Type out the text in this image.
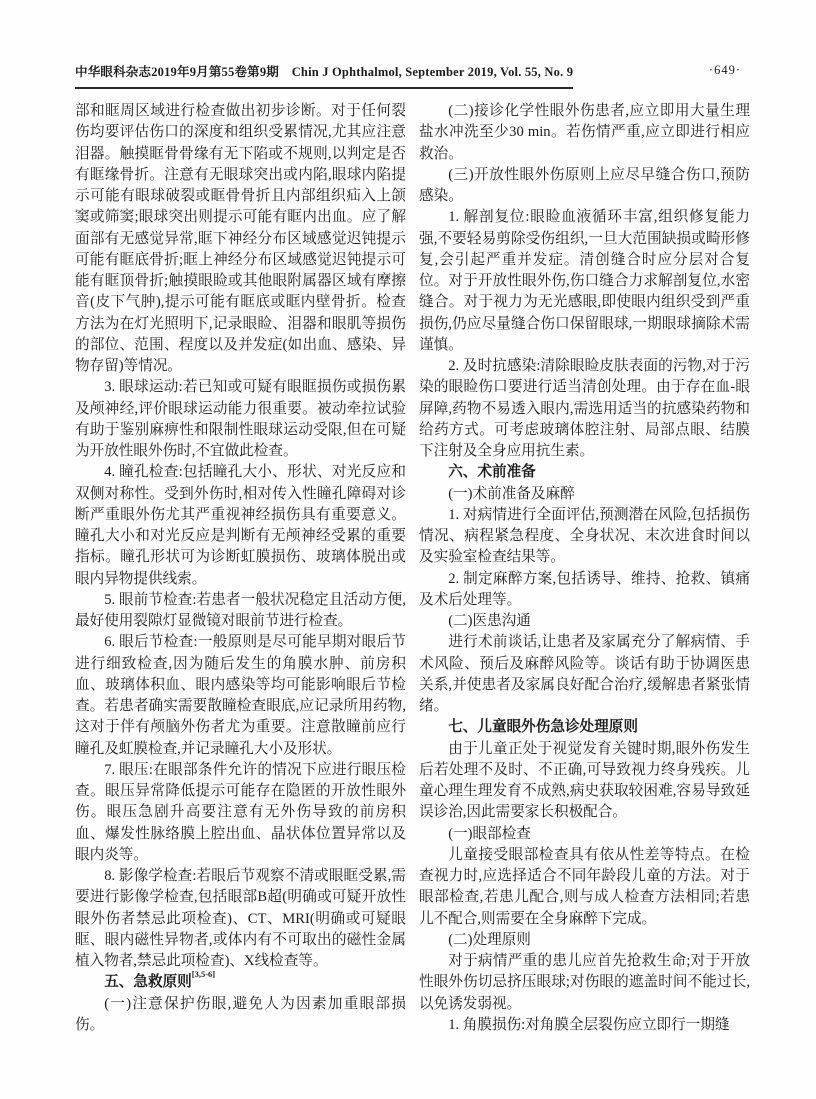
中华眼科杂志2019年9月第55卷第9期　Chin J Ophthalmol, September 2019, Vol. 55, No. 9	·649·

部和眶周区域进行检查做出初步诊断。对于任何裂伤均要评估伤口的深度和组织受累情况,尤其应注意泪器。触摸眶骨骨缘有无下陷或不规则,以判定是否有眶缘骨折。注意有无眼球突出或内陷,眼球内陷提示可能有眼球破裂或眶骨骨折且内部组织疝入上颌窦或筛窦;眼球突出则提示可能有眶内出血。应了解面部有无感觉异常,眶下神经分布区域感觉迟钝提示可能有眶底骨折;眶上神经分布区域感觉迟钝提示可能有眶顶骨折;触摸眼睑或其他眼附属器区域有摩擦音(皮下气肿),提示可能有眶底或眶内壁骨折。检查方法为在灯光照明下,记录眼睑、泪器和眼肌等损伤的部位、范围、程度以及并发症(如出血、感染、异物存留)等情况。

3. 眼球运动:若已知或可疑有眼眶损伤或损伤累及颅神经,评价眼球运动能力很重要。被动牵拉试验有助于鉴别麻痹性和限制性眼球运动受限,但在可疑为开放性眼外伤时,不宜做此检查。

4. 瞳孔检查:包括瞳孔大小、形状、对光反应和双侧对称性。受到外伤时,相对传入性瞳孔障碍对诊断严重眼外伤尤其严重视神经损伤具有重要意义。瞳孔大小和对光反应是判断有无颅神经受累的重要指标。瞳孔形状可为诊断虹膜损伤、玻璃体脱出或眼内异物提供线索。

5. 眼前节检查:若患者一般状况稳定且活动方便,最好使用裂隙灯显微镜对眼前节进行检查。

6. 眼后节检查:一般原则是尽可能早期对眼后节进行细致检查,因为随后发生的角膜水肿、前房积血、玻璃体积血、眼内感染等均可能影响眼后节检查。若患者确实需要散瞳检查眼底,应记录所用药物,这对于伴有颅脑外伤者尤为重要。注意散瞳前应行瞳孔及虹膜检查,并记录瞳孔大小及形状。

7. 眼压:在眼部条件允许的情况下应进行眼压检查。眼压异常降低提示可能存在隐匿的开放性眼外伤。眼压急剧升高要注意有无外伤导致的前房积血、爆发性脉络膜上腔出血、晶状体位置异常以及眼内炎等。

8. 影像学检查:若眼后节观察不清或眼眶受累,需要进行影像学检查,包括眼部B超(明确或可疑开放性眼外伤者禁忌此项检查)、CT、MRI(明确或可疑眼眶、眼内磁性异物者,或体内有不可取出的磁性金属植入物者,禁忌此项检查)、X线检查等。

五、急救原则[3,5-6]

(一)注意保护伤眼,避免人为因素加重眼部损伤。

(二)接诊化学性眼外伤患者,应立即用大量生理盐水冲洗至少30 min。若伤情严重,应立即进行相应救治。

(三)开放性眼外伤原则上应尽早缝合伤口,预防感染。

1. 解剖复位:眼睑血液循环丰富,组织修复能力强,不要轻易剪除受伤组织,一旦大范围缺损或畸形修复,会引起严重并发症。清创缝合时应分层对合复位。对于开放性眼外伤,伤口缝合力求解剖复位,水密缝合。对于视力为无光感眼,即使眼内组织受到严重损伤,仍应尽量缝合伤口保留眼球,一期眼球摘除术需谨慎。

2. 及时抗感染:清除眼睑皮肤表面的污物,对于污染的眼睑伤口要进行适当清创处理。由于存在血-眼屏障,药物不易透入眼内,需选用适当的抗感染药物和给药方式。可考虑玻璃体腔注射、局部点眼、结膜下注射及全身应用抗生素。

六、术前准备

(一)术前准备及麻醉

1. 对病情进行全面评估,预测潜在风险,包括损伤情况、病程紧急程度、全身状况、末次进食时间以及实验室检查结果等。

2. 制定麻醉方案,包括诱导、维持、抢救、镇痛及术后处理等。

(二)医患沟通

进行术前谈话,让患者及家属充分了解病情、手术风险、预后及麻醉风险等。谈话有助于协调医患关系,并使患者及家属良好配合治疗,缓解患者紧张情绪。

七、儿童眼外伤急诊处理原则

由于儿童正处于视觉发育关键时期,眼外伤发生后若处理不及时、不正确,可导致视力终身残疾。儿童心理生理发育不成熟,病史获取较困难,容易导致延误诊治,因此需要家长积极配合。

(一)眼部检查

儿童接受眼部检查具有依从性差等特点。在检查视力时,应选择适合不同年龄段儿童的方法。对于眼部检查,若患儿配合,则与成人检查方法相同;若患儿不配合,则需要在全身麻醉下完成。

(二)处理原则

对于病情严重的患儿应首先抢救生命;对于开放性眼外伤切忌挤压眼球;对伤眼的遮盖时间不能过长,以免诱发弱视。

1. 角膜损伤:对角膜全层裂伤应立即行一期缝
